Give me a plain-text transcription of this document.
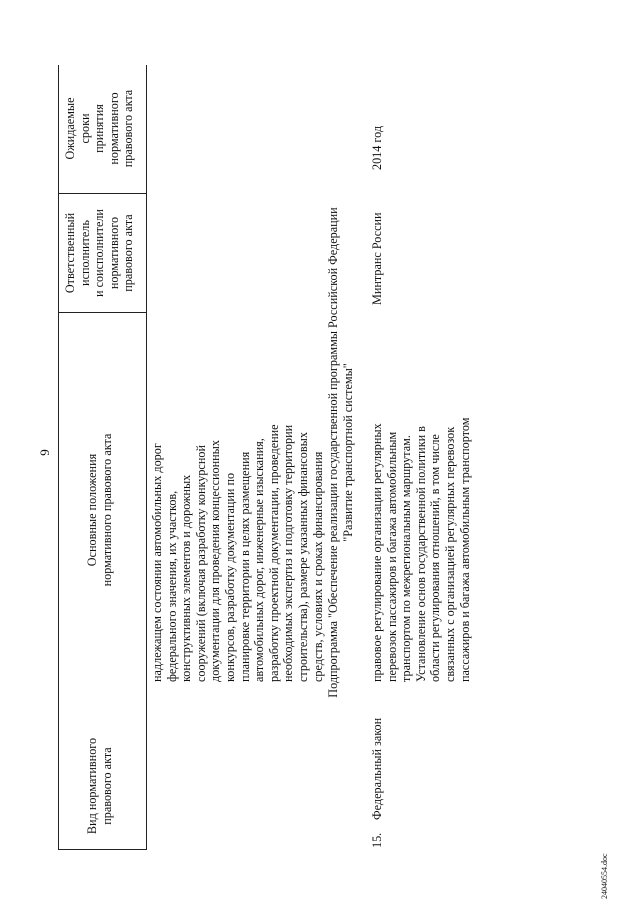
9
Вид нормативного
правового акта
Основные положения
нормативного правового акта
Ответственный
исполнитель
и соисполнители
нормативного
правового акта
Ожидаемые
сроки
принятия
нормативного
правового акта
надлежащем состоянии автомобильных дорог
федерального значения, их участков,
конструктивных элементов и дорожных
сооружений (включая разработку конкурсной
документации для проведения концессионных
конкурсов, разработку документации по
планировке территории в целях размещения
автомобильных дорог, инженерные изыскания,
разработку проектной документации, проведение
необходимых экспертиз и подготовку территории
строительства), размере указанных финансовых
средств, условиях и сроках финансирования
Подпрограмма "Обеспечение реализации государственной программы Российской Федерации
"Развитие транспортной системы"
15.
Федеральный закон
правовое регулирование организации регулярных
перевозок пассажиров и багажа автомобильным
транспортом по межрегиональным маршрутам.
Установление основ государственной политики в
области регулирования отношений, в том числе
связанных с организацией регулярных перевозок
пассажиров и багажа автомобильным транспортом
Минтранс России
2014 год
24040554.doc
